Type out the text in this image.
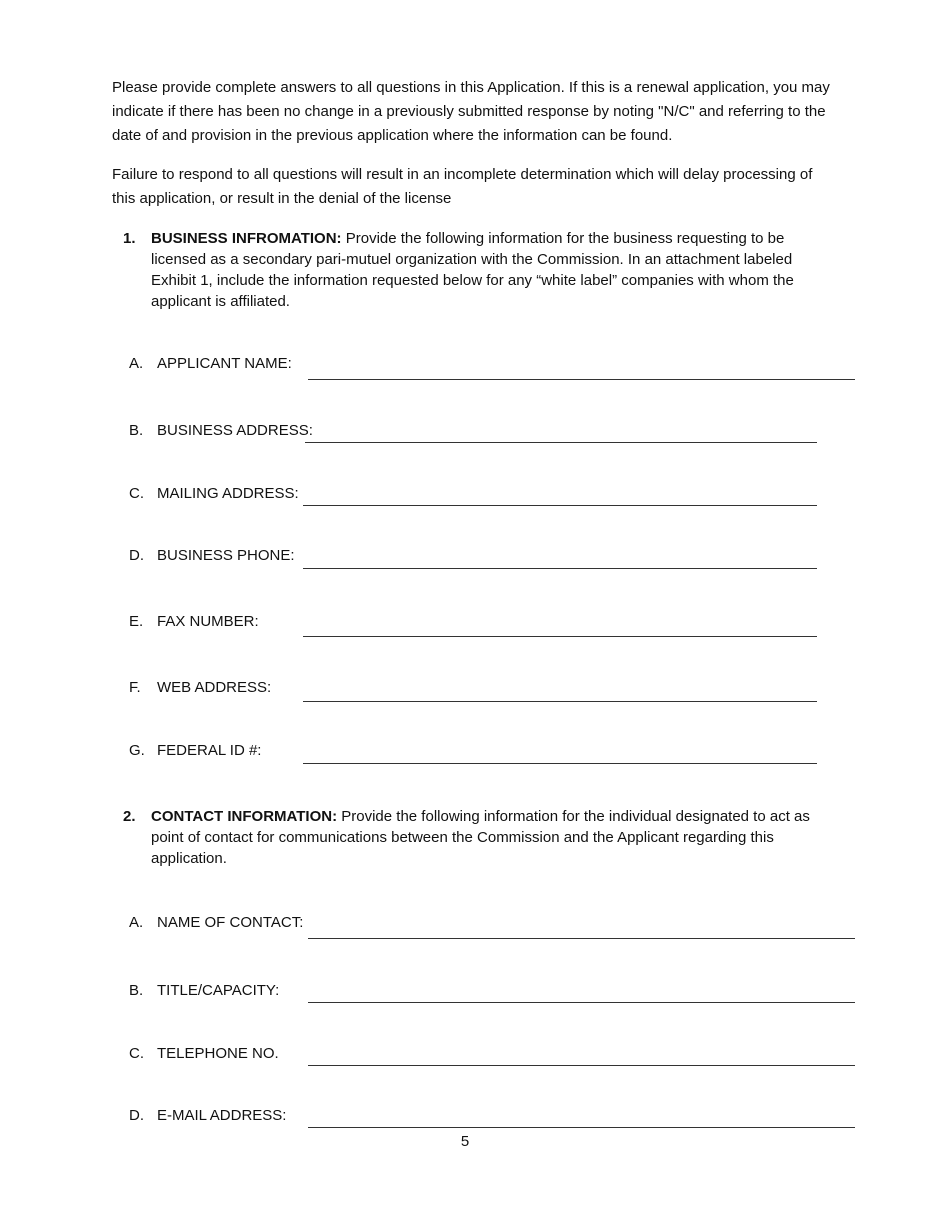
Please provide complete answers to all questions in this Application. If this is a renewal application, you may indicate if there has been no change in a previously submitted response by noting "N/C" and referring to the date of and provision in the previous application where the information can be found.
Failure to respond to all questions will result in an incomplete determination which will delay processing of this application, or result in the denial of the license
1. BUSINESS INFROMATION: Provide the following information for the business requesting to be licensed as a secondary pari-mutuel organization with the Commission. In an attachment labeled Exhibit 1, include the information requested below for any “white label” companies with whom the applicant is affiliated.
A. APPLICANT NAME:
B. BUSINESS ADDRESS:
C. MAILING ADDRESS:
D. BUSINESS PHONE:
E. FAX NUMBER:
F. WEB ADDRESS:
G. FEDERAL ID #:
2. CONTACT INFORMATION: Provide the following information for the individual designated to act as point of contact for communications between the Commission and the Applicant regarding this application.
A. NAME OF CONTACT:
B. TITLE/CAPACITY:
C. TELEPHONE NO.
D. E-MAIL ADDRESS:
5
